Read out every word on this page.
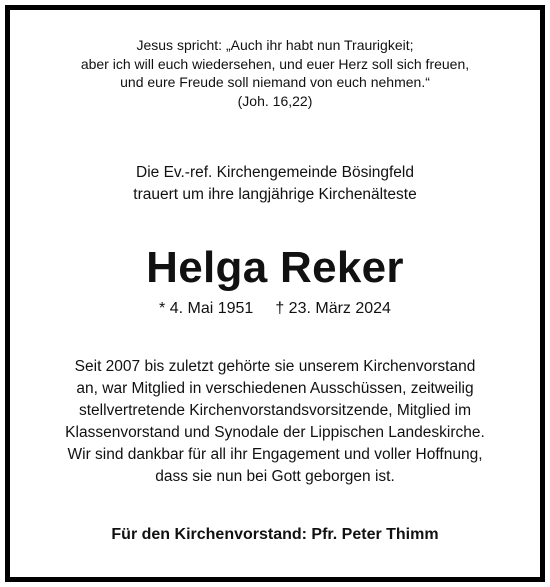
Jesus spricht: „Auch ihr habt nun Traurigkeit;
aber ich will euch wiedersehen, und euer Herz soll sich freuen,
und eure Freude soll niemand von euch nehmen.“
(Joh. 16,22)
Die Ev.-ref. Kirchengemeinde Bösingfeld
trauert um ihre langjährige Kirchenälteste
Helga Reker
* 4. Mai 1951 † 23. März 2024
Seit 2007 bis zuletzt gehörte sie unserem Kirchenvorstand
an, war Mitglied in verschiedenen Ausschüssen, zeitweilig
stellvertretende Kirchenvorstandsvorsitzende, Mitglied im
Klassenvorstand und Synodale der Lippischen Landeskirche.
Wir sind dankbar für all ihr Engagement und voller Hoffnung,
dass sie nun bei Gott geborgen ist.
Für den Kirchenvorstand: Pfr. Peter Thimm
